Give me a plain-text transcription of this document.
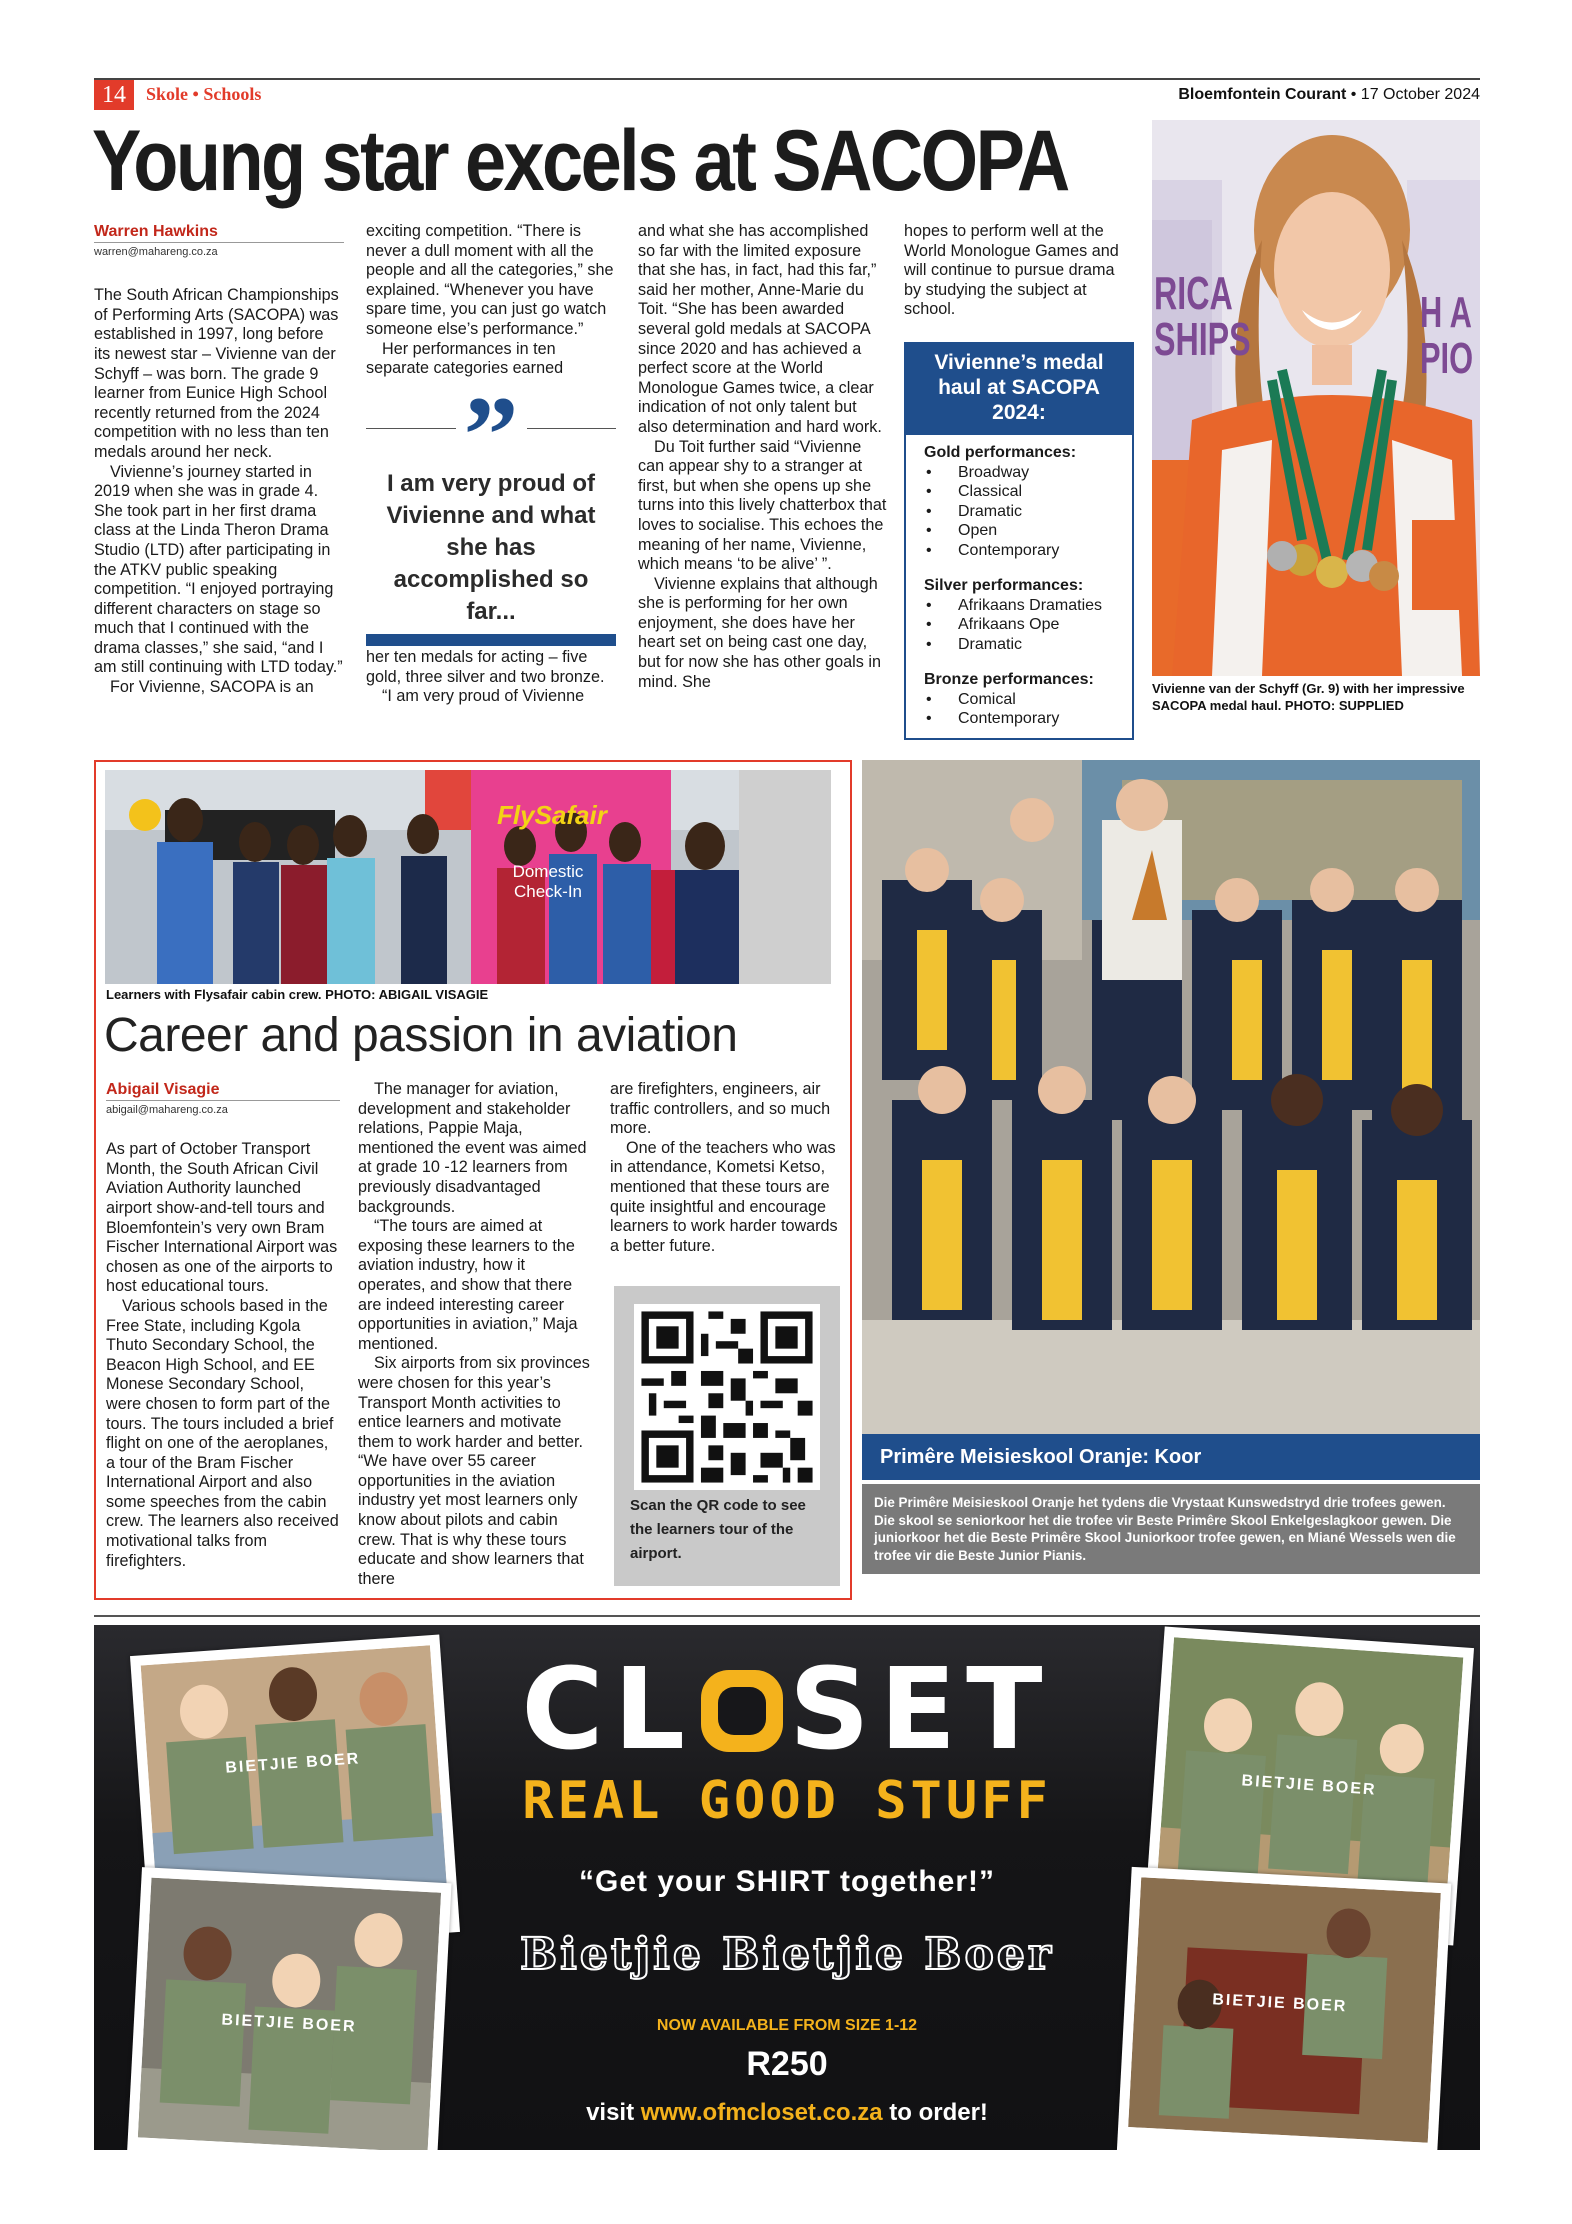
14	Skole • Schools	Bloemfontein Courant • 17 October 2024
Young star excels at SACOPA
Warren Hawkins
warren@mahareng.co.za

The South African Championships of Performing Arts (SACOPA) was established in 1997, long before its newest star – Vivienne van der Schyff – was born. The grade 9 learner from Eunice High School recently returned from the 2024 competition with no less than ten medals around her neck.

Vivienne’s journey started in 2019 when she was in grade 4. She took part in her first drama class at the Linda Theron Drama Studio (LTD) after participating in the ATKV public speaking competition. “I enjoyed portraying different characters on stage so much that I continued with the drama classes,” she said, “and I am still continuing with LTD today.”

For Vivienne, SACOPA is an

exciting competition. “There is never a dull moment with all the people and all the categories,” she explained. “Whenever you have spare time, you can just go watch someone else’s performance.”

Her performances in ten separate categories earned

”
I am very proud of Vivienne and what she has accomplished so far...

her ten medals for acting – five gold, three silver and two bronze.

“I am very proud of Vivienne

and what she has accomplished so far with the limited exposure that she has, in fact, had this far,” said her mother, Anne-Marie du Toit. “She has been awarded several gold medals at SACOPA since 2020 and has achieved a perfect score at the World Monologue Games twice, a clear indication of not only talent but also determination and hard work.

Du Toit further said “Vivienne can appear shy to a stranger at first, but when she opens up she turns into this lively chatterbox that loves to socialise. This echoes the meaning of her name, Vivienne, which means ‘to be alive’ ”.

Vivienne explains that although she is performing for her own enjoyment, she does have her heart set on being cast one day, but for now she has other goals in mind. She

hopes to perform well at the World Monologue Games and will continue to pursue drama by studying the subject at school.

Vivienne’s medal haul at SACOPA 2024:
Gold performances:
• Broadway
• Classical
• Dramatic
• Open
• Contemporary
Silver performances:
• Afrikaans Dramaties
• Afrikaans Ope
• Dramatic
Bronze performances:
• Comical
• Contemporary
RICA
SHIPS
H A
PIO
Vivienne van der Schyff (Gr. 9) with her impressive SACOPA medal haul. PHOTO: SUPPLIED
FlySafair
Domestic Check-In
Learners with Flysafair cabin crew. PHOTO: ABIGAIL VISAGIE
Career and passion in aviation
Abigail Visagie
abigail@mahareng.co.za

As part of October Transport Month, the South African Civil Aviation Authority launched airport show-and-tell tours and Bloemfontein’s very own Bram Fischer International Airport was chosen as one of the airports to host educational tours.

Various schools based in the Free State, including Kgola Thuto Secondary School, the Beacon High School, and EE Monese Secondary School, were chosen to form part of the tours. The tours included a brief flight on one of the aeroplanes, a tour of the Bram Fischer International Airport and also some speeches from the cabin crew. The learners also received motivational talks from firefighters.

The manager for aviation, development and stakeholder relations, Pappie Maja, mentioned the event was aimed at grade 10 -12 learners from previously disadvantaged backgrounds.

“The tours are aimed at exposing these learners to the aviation industry, how it operates, and show that there are indeed interesting career opportunities in aviation,” Maja mentioned.

Six airports from six provinces were chosen for this year’s Transport Month activities to entice learners and motivate them to work harder and better. “We have over 55 career opportunities in the aviation industry yet most learners only know about pilots and cabin crew. That is why these tours educate and show learners that there

are firefighters, engineers, air traffic controllers, and so much more.

One of the teachers who was in attendance, Kometsi Ketso, mentioned that these tours are quite insightful and encourage learners to work harder towards a better future.

Scan the QR code to see the learners tour of the airport.
Primêre Meisieskool Oranje: Koor
Die Primêre Meisieskool Oranje het tydens die Vrystaat Kunswedstryd drie trofees gewen. Die skool se seniorkoor het die trofee vir Beste Primêre Skool Enkelgeslagkoor gewen. Die juniorkoor het die Beste Primêre Skool Juniorkoor trofee gewen, en Miané Wessels wen die trofee vir die Beste Junior Pianis.
BIETJIE BOER
BIETJIE BOER
BIETJIE BOER
BIETJIE BOER
CL SET
REAL GOOD STUFF
“Get your SHIRT together!”
Bietjie Bietjie Boer
NOW AVAILABLE FROM SIZE 1-12
R250
visit www.ofmcloset.co.za to order!
